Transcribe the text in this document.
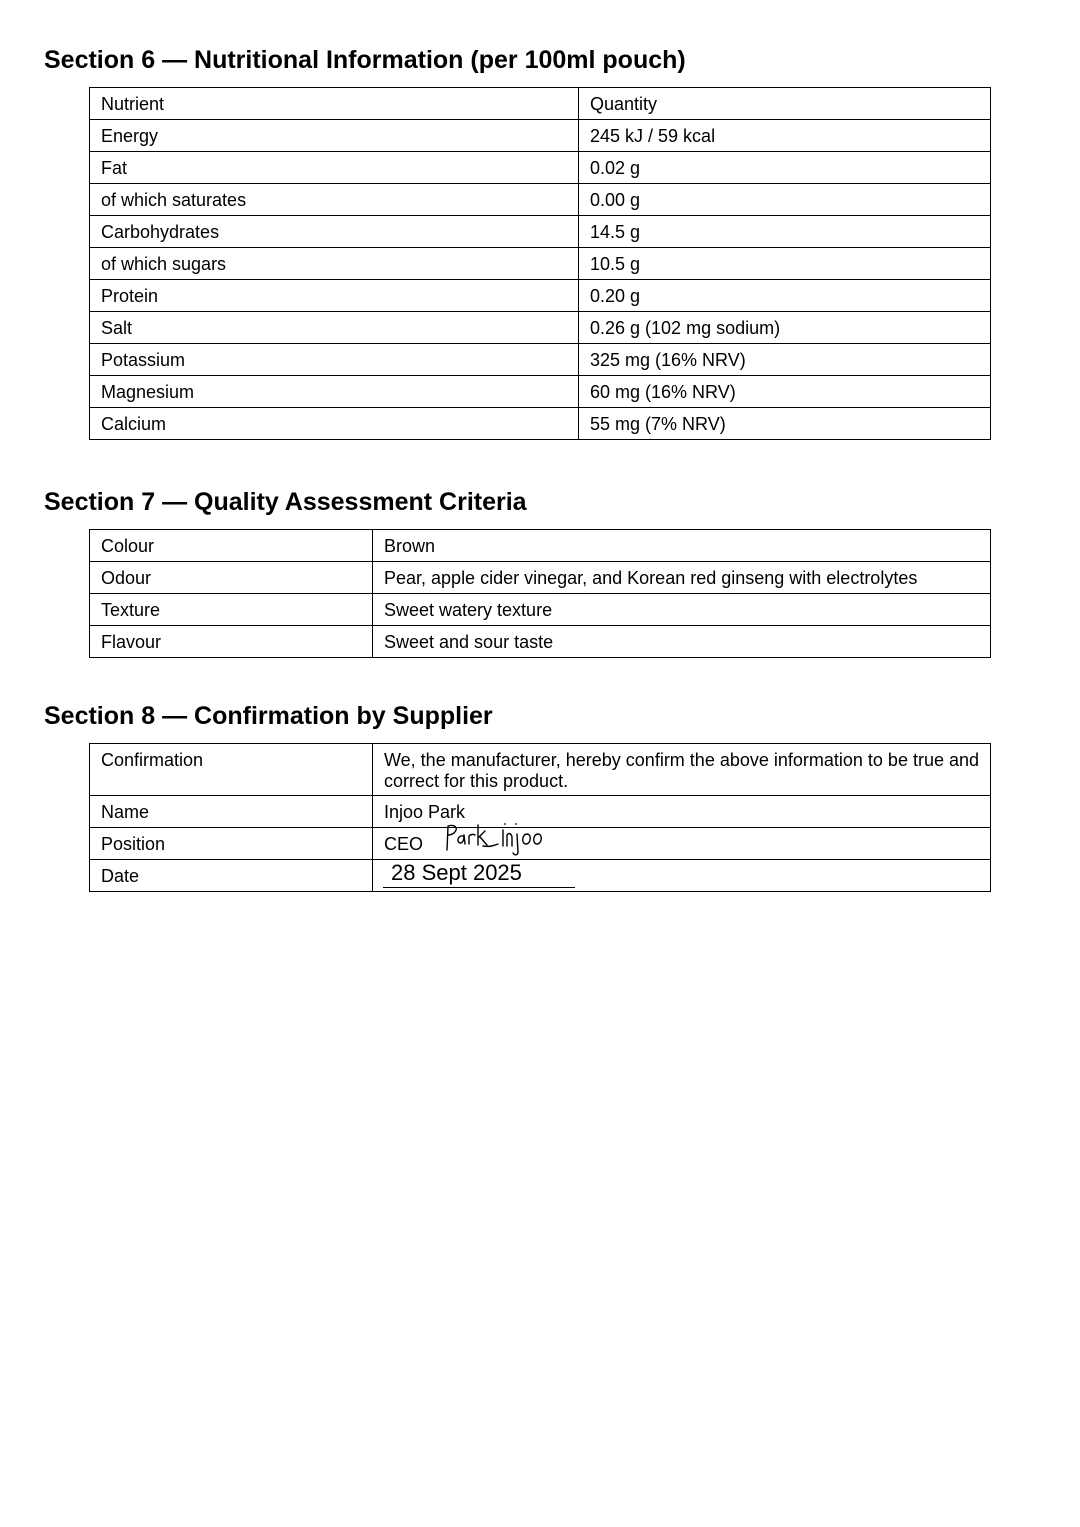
Section 6 — Nutritional Information (per 100ml pouch)
Nutrient	Quantity
Energy	245 kJ / 59 kcal
Fat	0.02 g
of which saturates	0.00 g
Carbohydrates	14.5 g
of which sugars	10.5 g
Protein	0.20 g
Salt	0.26 g (102 mg sodium)
Potassium	325 mg (16% NRV)
Magnesium	60 mg (16% NRV)
Calcium	55 mg (7% NRV)
Section 7 — Quality Assessment Criteria
Colour	Brown
Odour	Pear, apple cider vinegar, and Korean red ginseng with electrolytes
Texture	Sweet watery texture
Flavour	Sweet and sour taste
Section 8 — Confirmation by Supplier
Confirmation	We, the manufacturer, hereby confirm the above information to be true and correct for this product.
Name	Injoo Park
Position	CEO

Date	28 Sept 2025
